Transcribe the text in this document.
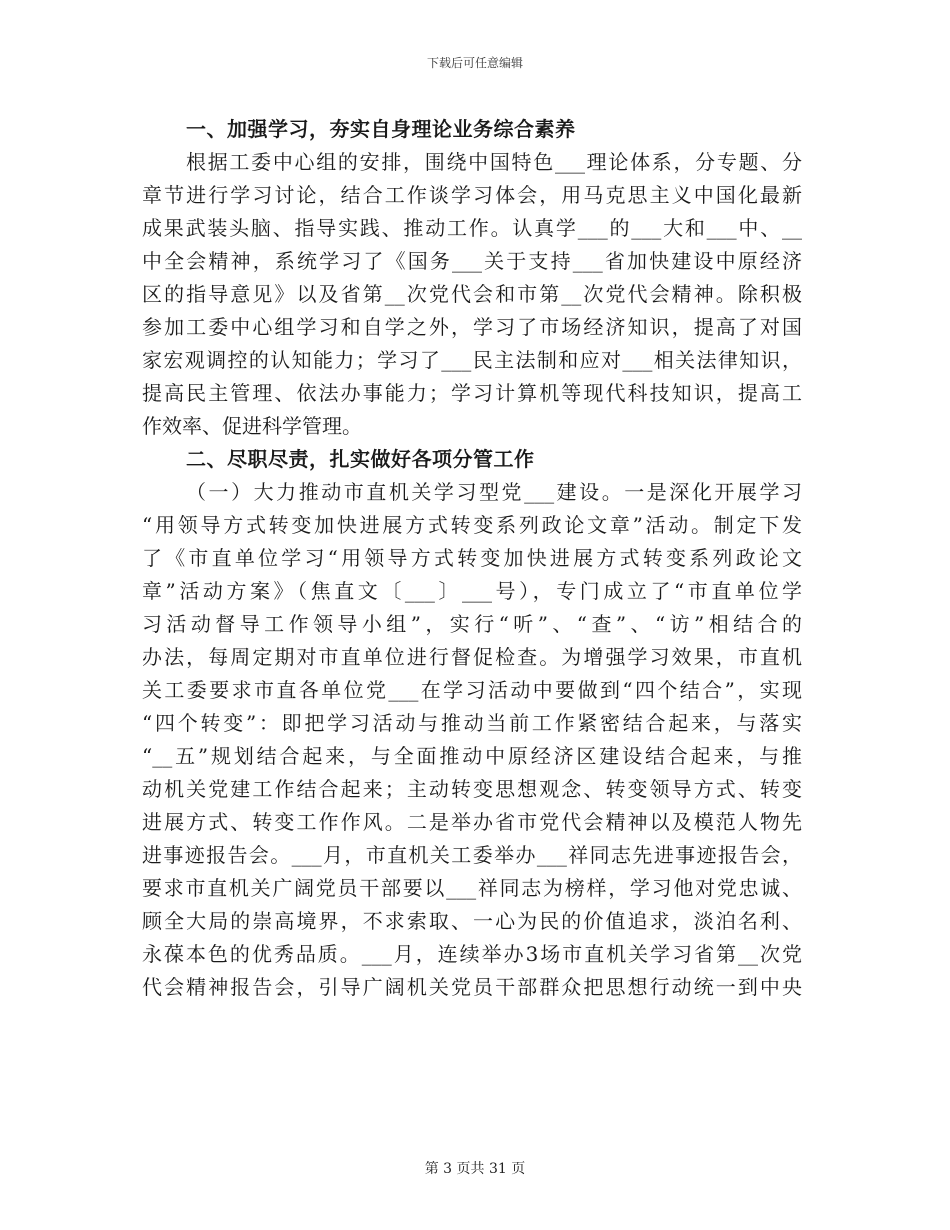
下载后可任意编辑
一、加强学习，夯实自身理论业务综合素养
根据工委中心组的安排，围绕中国特色___理论体系，分专题、分
章节进行学习讨论，结合工作谈学习体会，用马克思主义中国化最新
成果武装头脑、指导实践、推动工作。认真学___的___大和___中、__
中全会精神，系统学习了《国务___关于支持___省加快建设中原经济
区的指导意见》以及省第__次党代会和市第__次党代会精神。除积极
参加工委中心组学习和自学之外，学习了市场经济知识，提高了对国
家宏观调控的认知能力；学习了___民主法制和应对___相关法律知识，
提高民主管理、依法办事能力；学习计算机等现代科技知识，提高工
作效率、促进科学管理。
二、尽职尽责，扎实做好各项分管工作
（一）大力推动市直机关学习型党___建设。一是深化开展学习
“用领导方式转变加快进展方式转变系列政论文章”活动。制定下发
了《市直单位学习“用领导方式转变加快进展方式转变系列政论文
章”活动方案》（焦直文〔___〕___号），专门成立了“市直单位学
习活动督导工作领导小组”，实行“听”、“查”、“访”相结合的
办法，每周定期对市直单位进行督促检查。为增强学习效果，市直机
关工委要求市直各单位党___在学习活动中要做到“四个结合”，实现
“四个转变”：即把学习活动与推动当前工作紧密结合起来，与落实
“__五”规划结合起来，与全面推动中原经济区建设结合起来，与推
动机关党建工作结合起来；主动转变思想观念、转变领导方式、转变
进展方式、转变工作作风。二是举办省市党代会精神以及模范人物先
进事迹报告会。___月，市直机关工委举办___祥同志先进事迹报告会，
要求市直机关广阔党员干部要以___祥同志为榜样，学习他对党忠诚、
顾全大局的崇高境界，不求索取、一心为民的价值追求，淡泊名利、
永葆本色的优秀品质。___月，连续举办3场市直机关学习省第__次党
代会精神报告会，引导广阔机关党员干部群众把思想行动统一到中央
第 3 页共 31 页
